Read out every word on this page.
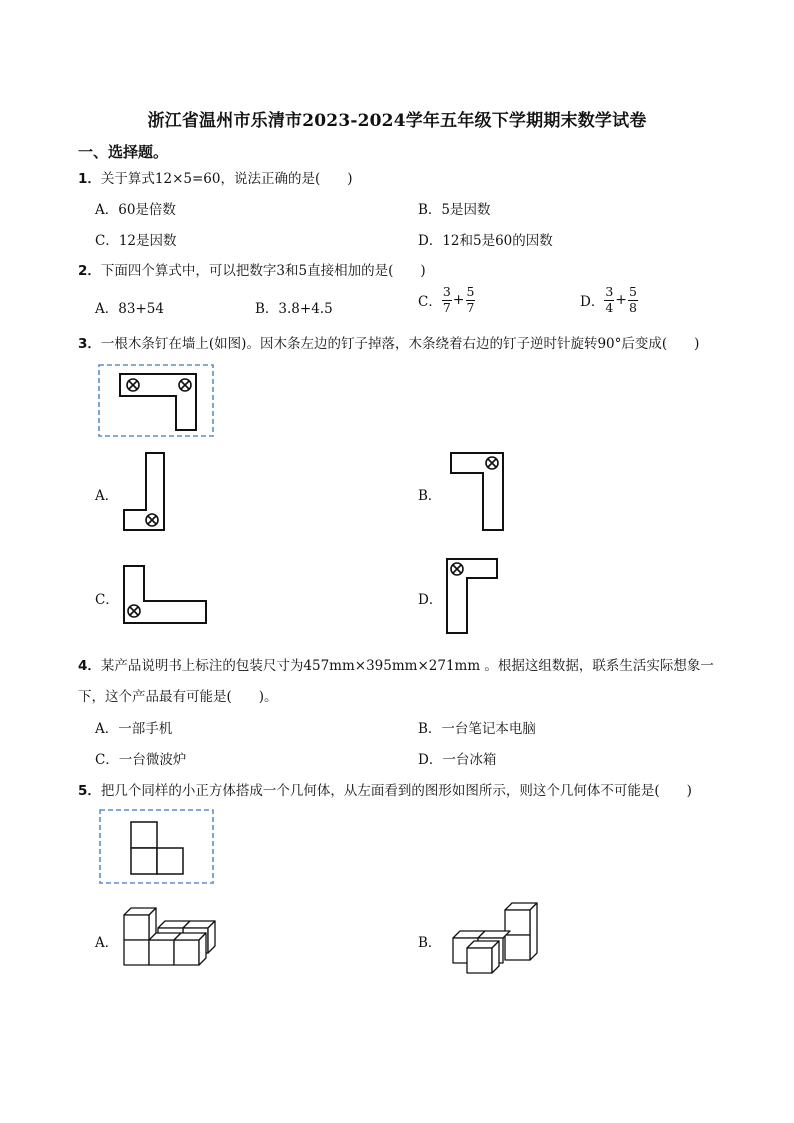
浙江省温州市乐清市2023-2024学年五年级下学期期末数学试卷
一、选择题。
1．关于算式12×5=60，说法正确的是(　　)
A．60是倍数	B．5是因数
C．12是因数	D．12和5是60的因数
2．下面四个算式中，可以把数字3和5直接相加的是(　　)
A．83+54	B．3.8+4.5	C． $\frac{3}{7} + \frac{5}{7}$	D． $\frac{3}{4} + \frac{5}{8}$
3．一根木条钉在墙上(如图)。因木条左边的钉子掉落，木条绕着右边的钉子逆时针旋转90°后变成(　　)
A．	B．
C．	D．
4．某产品说明书上标注的包装尺寸为457mm×395mm×271mm 。根据这组数据，联系生活实际想象一
下，这个产品最有可能是(　　)。
A．一部手机	B．一台笔记本电脑
C．一台微波炉	D．一台冰箱
5．把几个同样的小正方体搭成一个几何体，从左面看到的图形如图所示，则这个几何体不可能是(　　)
A．	B．
